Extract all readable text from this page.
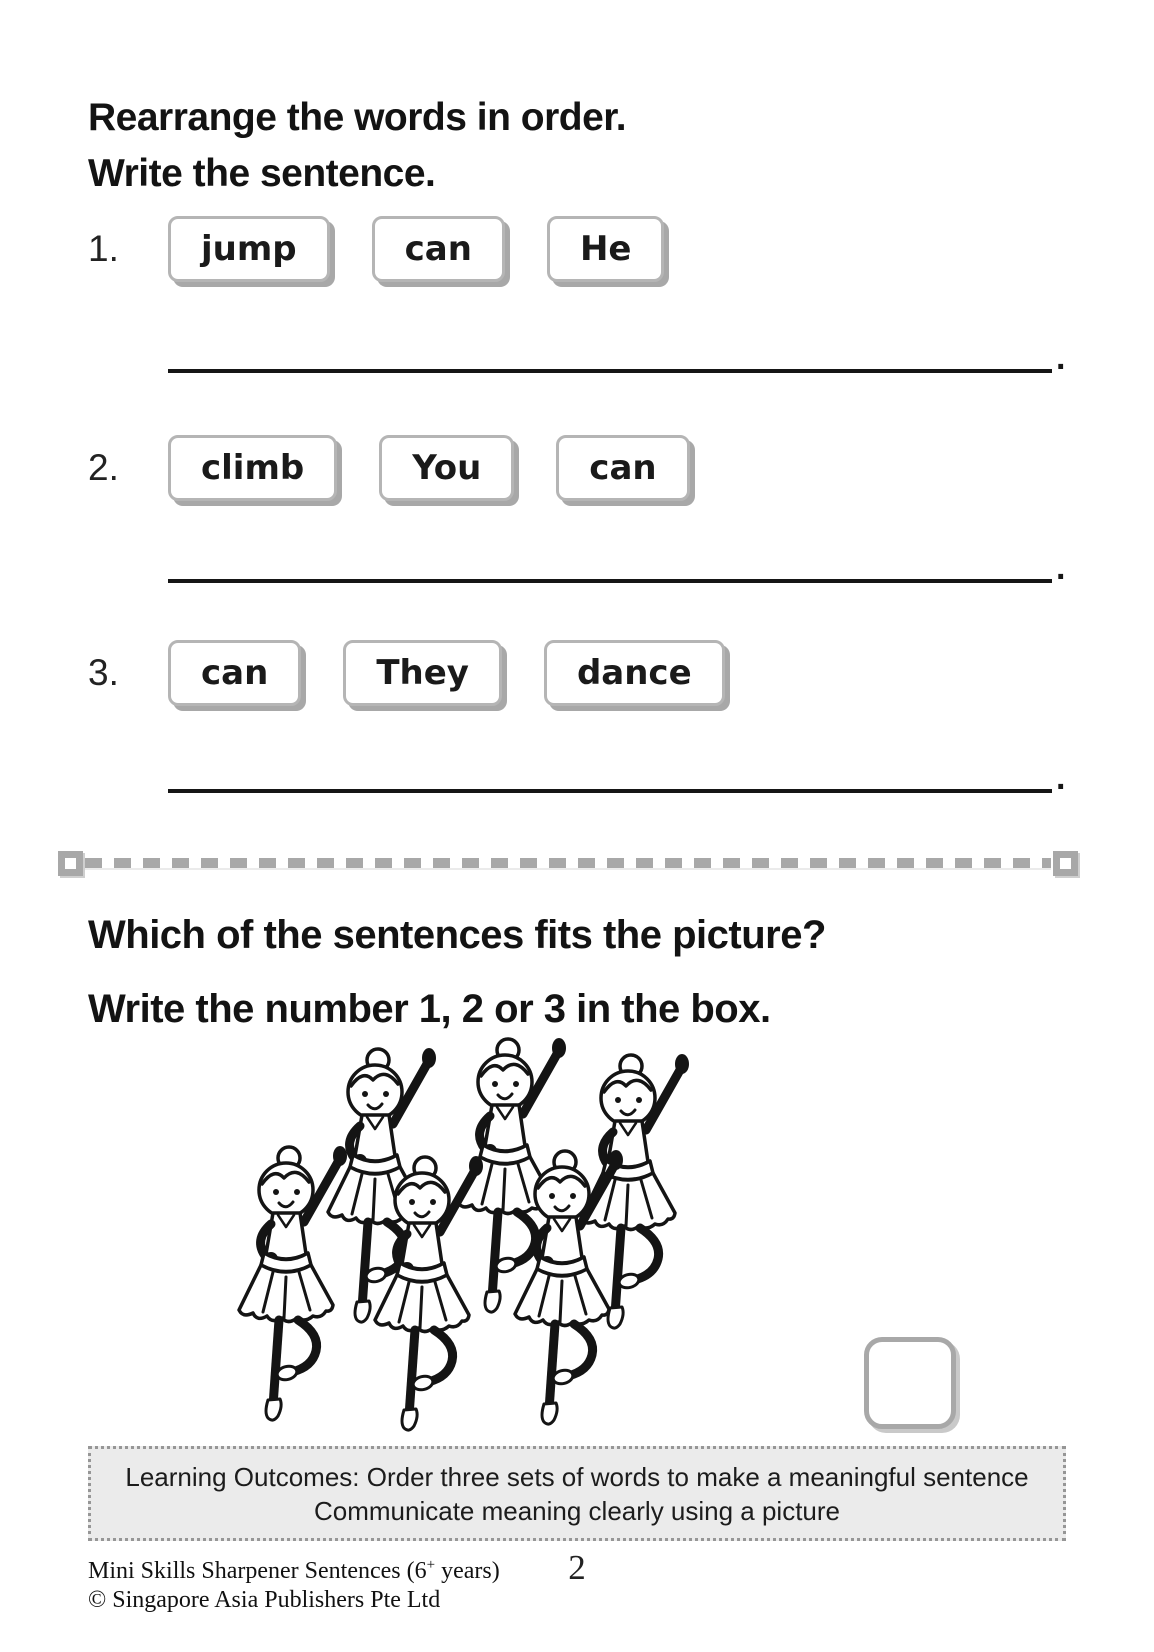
Rearrange the words in order.
Write the sentence.
1.	jump	can	He
.
2.	climb	You	can
.
3.	can	They	dance
.
Which of the sentences fits the picture?
Write the number 1, 2 or 3 in the box.
Learning Outcomes: Order three sets of words to make a meaningful sentence
Communicate meaning clearly using a picture
Mini Skills Sharpener Sentences (6+ years)
© Singapore Asia Publishers Pte Ltd
2
